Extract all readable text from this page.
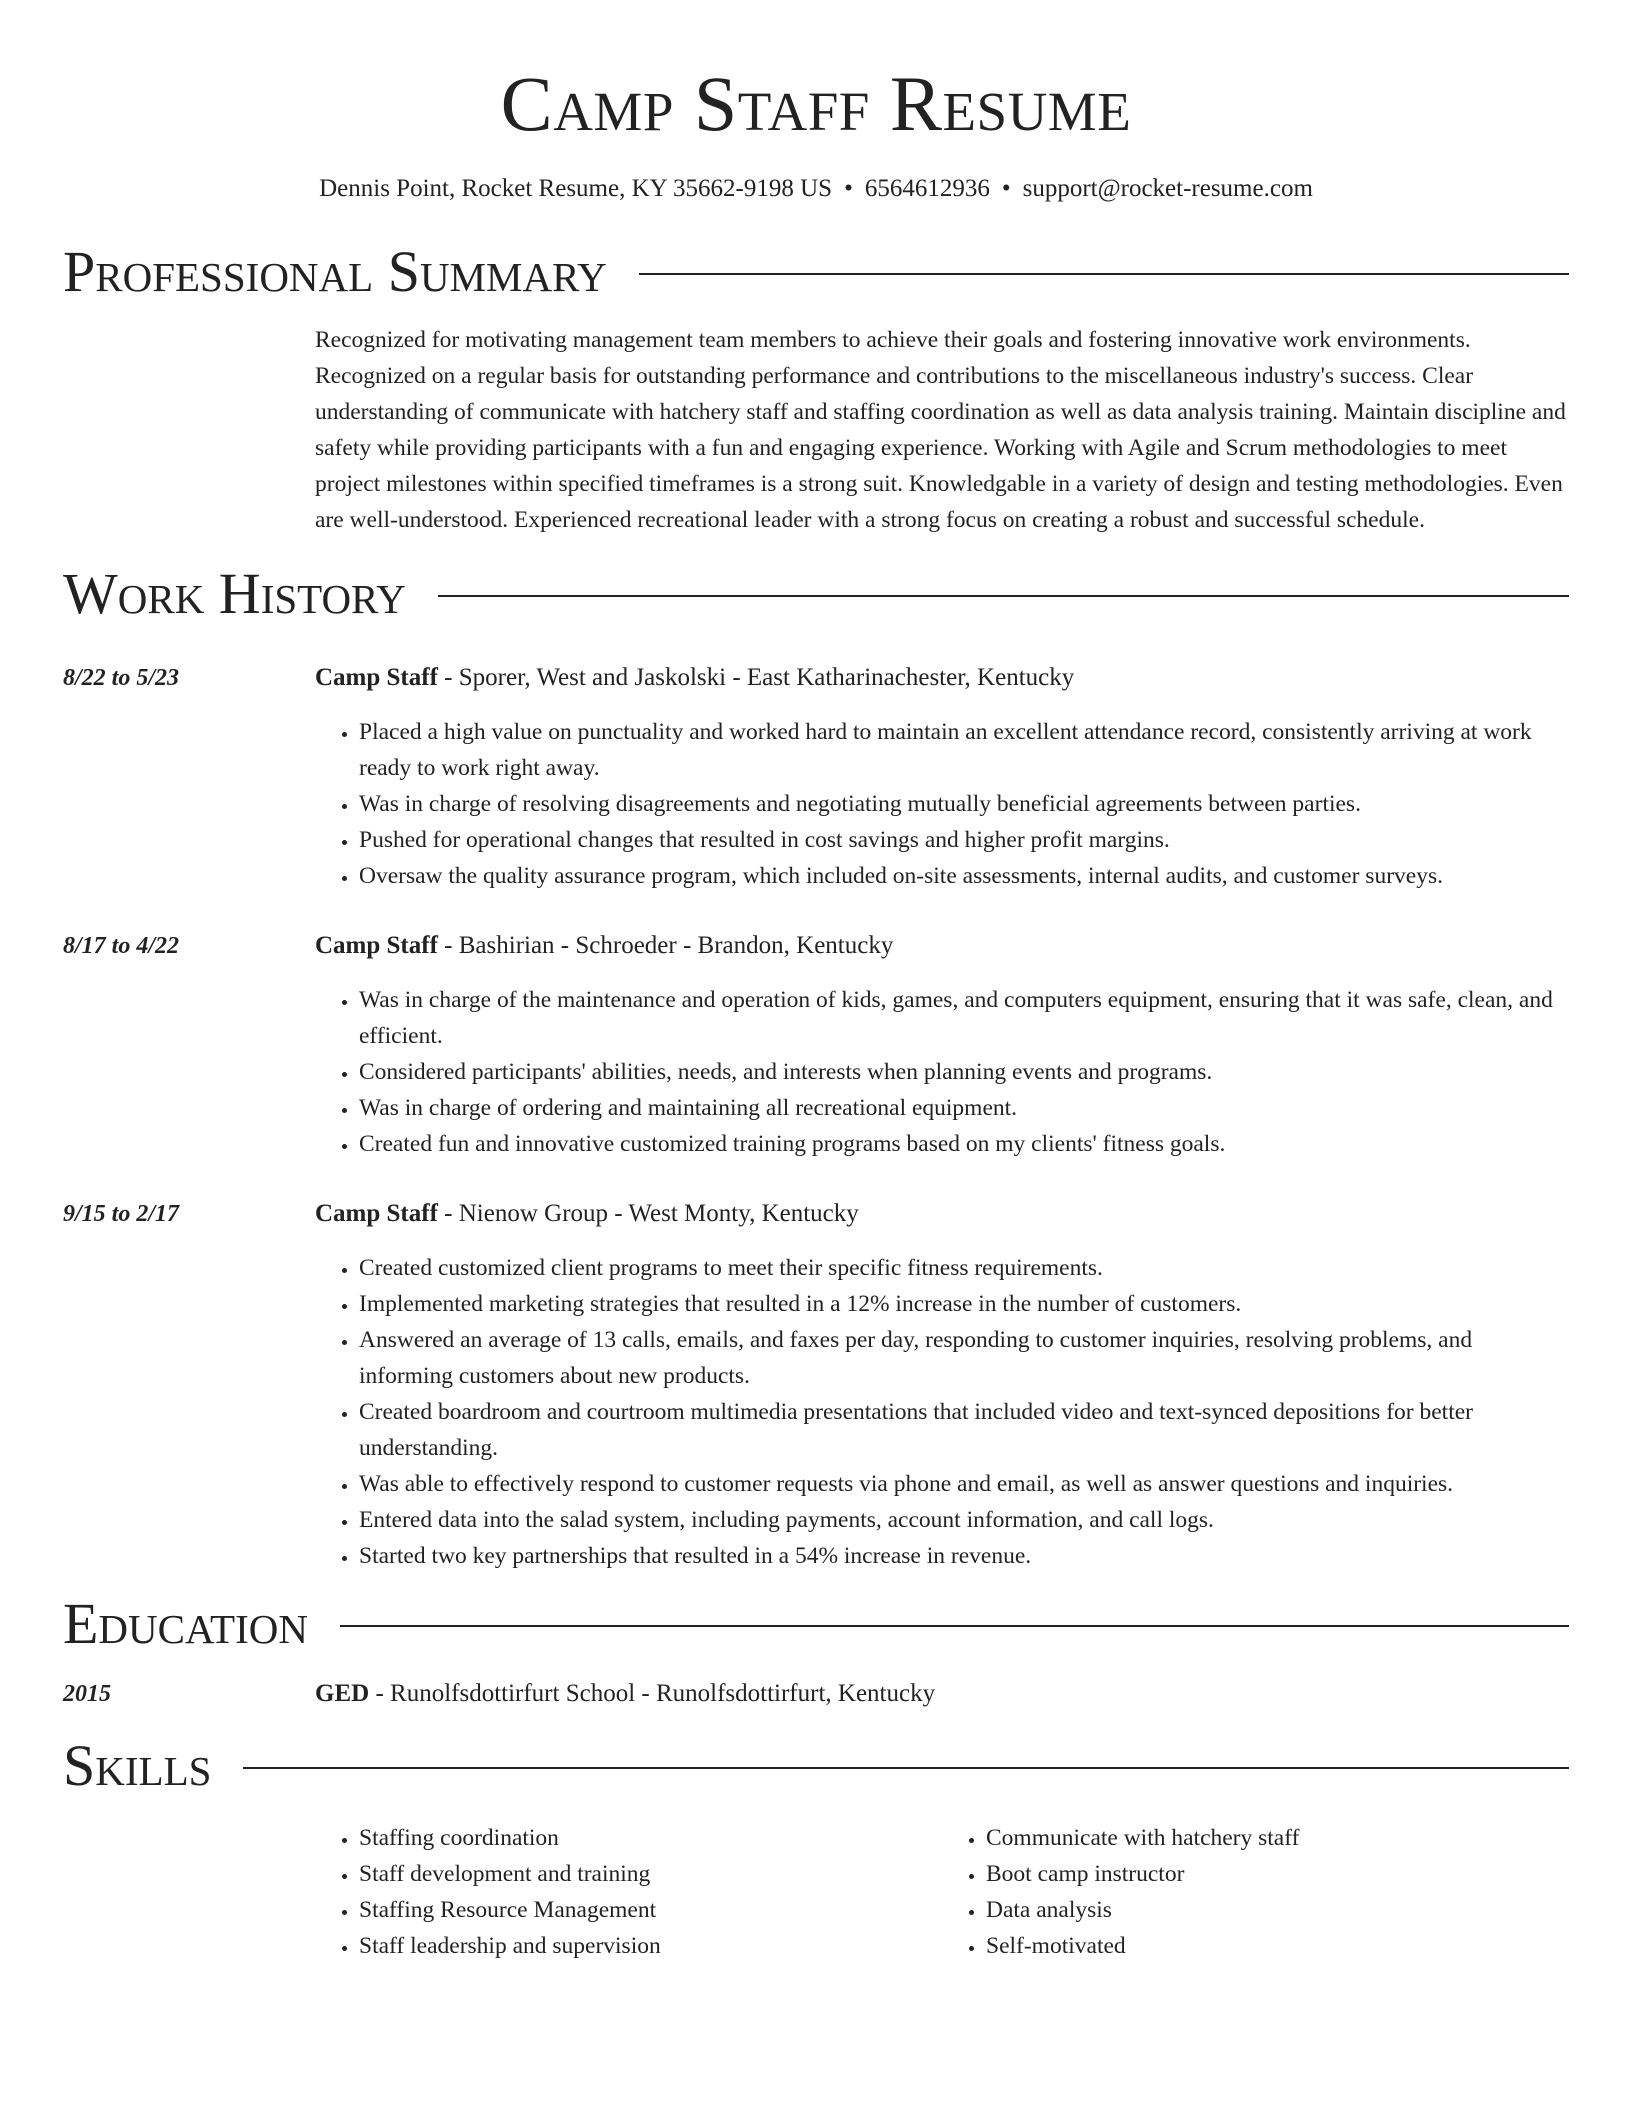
Camp Staff Resume
Dennis Point, Rocket Resume, KY 35662-9198 US • 6564612936 • support@rocket-resume.com
Professional Summary
Recognized for motivating management team members to achieve their goals and fostering innovative work environments. Recognized on a regular basis for outstanding performance and contributions to the miscellaneous industry's success. Clear understanding of communicate with hatchery staff and staffing coordination as well as data analysis training. Maintain discipline and safety while providing participants with a fun and engaging experience. Working with Agile and Scrum methodologies to meet project milestones within specified timeframes is a strong suit. Knowledgable in a variety of design and testing methodologies. Even are well-understood. Experienced recreational leader with a strong focus on creating a robust and successful schedule.
Work History
8/22 to 5/23	Camp Staff - Sporer, West and Jaskolski - East Katharinachester, Kentucky
• Placed a high value on punctuality and worked hard to maintain an excellent attendance record, consistently arriving at work ready to work right away.
• Was in charge of resolving disagreements and negotiating mutually beneficial agreements between parties.
• Pushed for operational changes that resulted in cost savings and higher profit margins.
• Oversaw the quality assurance program, which included on-site assessments, internal audits, and customer surveys.
8/17 to 4/22	Camp Staff - Bashirian - Schroeder - Brandon, Kentucky
• Was in charge of the maintenance and operation of kids, games, and computers equipment, ensuring that it was safe, clean, and efficient.
• Considered participants' abilities, needs, and interests when planning events and programs.
• Was in charge of ordering and maintaining all recreational equipment.
• Created fun and innovative customized training programs based on my clients' fitness goals.
9/15 to 2/17	Camp Staff - Nienow Group - West Monty, Kentucky
• Created customized client programs to meet their specific fitness requirements.
• Implemented marketing strategies that resulted in a 12% increase in the number of customers.
• Answered an average of 13 calls, emails, and faxes per day, responding to customer inquiries, resolving problems, and informing customers about new products.
• Created boardroom and courtroom multimedia presentations that included video and text-synced depositions for better understanding.
• Was able to effectively respond to customer requests via phone and email, as well as answer questions and inquiries.
• Entered data into the salad system, including payments, account information, and call logs.
• Started two key partnerships that resulted in a 54% increase in revenue.
Education
2015	GED - Runolfsdottirfurt School - Runolfsdottirfurt, Kentucky
Skills
• Staffing coordination
• Staff development and training
• Staffing Resource Management
• Staff leadership and supervision
• Communicate with hatchery staff
• Boot camp instructor
• Data analysis
• Self-motivated
